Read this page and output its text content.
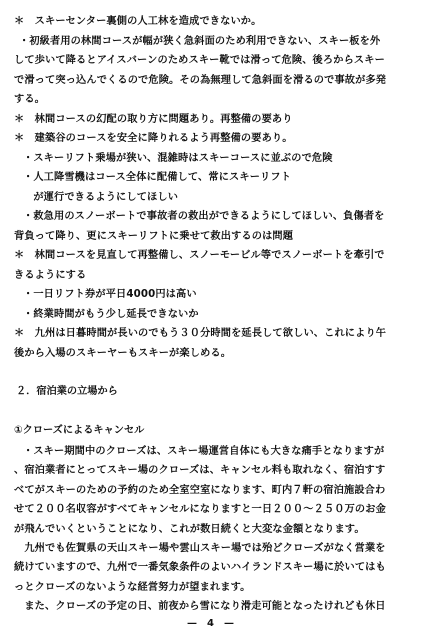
＊　スキーセンター裏側の人工林を造成できないか。
・初級者用の林間コースが幅が狭く急斜面のため利用できない、スキー板を外
して歩いて降るとアイスバーンのためスキー靴では滑って危険、後ろからスキー
で滑って突っ込んでくるので危険。その為無理して急斜面を滑るので事故が多発
する。
＊　林間コースの幻配の取り方に問題あり。再整備の要あり
＊　建築谷のコースを安全に降りれるよう再整備の要あり。
・スキーリフト乗場が狭い、混雑時はスキーコースに並ぶので危険
・人工降雪機はコース全体に配備して、常にスキーリフト
　が運行できるようにしてほしい
・救急用のスノーボートで事故者の救出ができるようにしてほしい、負傷者を
背負って降り、更にスキーリフトに乗せて救出するのは問題
＊　林間コースを見直して再整備し、スノーモービル等でスノーボートを牽引で
きるようにする
・一日リフト券が平日4000円は高い
・終業時間がもう少し延長できないか
＊　九州は日暮時間が長いのでもう３０分時間を延長して欲しい、これにより午
後から入場のスキーヤーもスキーが楽しめる。
２．宿泊業の立場から
①クローズによるキャンセル
・スキー期間中のクローズは、スキー場運営自体にも大きな痛手となりますが
、宿泊業者にとってスキー場のクローズは、キャンセル料も取れなく、宿泊すす
べてがスキーのための予約のため全室空室になります、町内７軒の宿泊施設合わ
せて２００名収容がすべてキャンセルになりますと一日２００～２５０万のお金
が飛んでいくということになり、これが数日続くと大変な金額となります。
　九州でも佐賀県の天山スキー場や雲山スキー場では殆どクローズがなく営業を
続けていますので、九州で一番気象条件のよいハイランドスキー場に於いてはも
っとクローズのないような経営努力が望まれます。
　また、クローズの予定の日、前夜から雪になり滑走可能となったけれども休日
—　4　—
